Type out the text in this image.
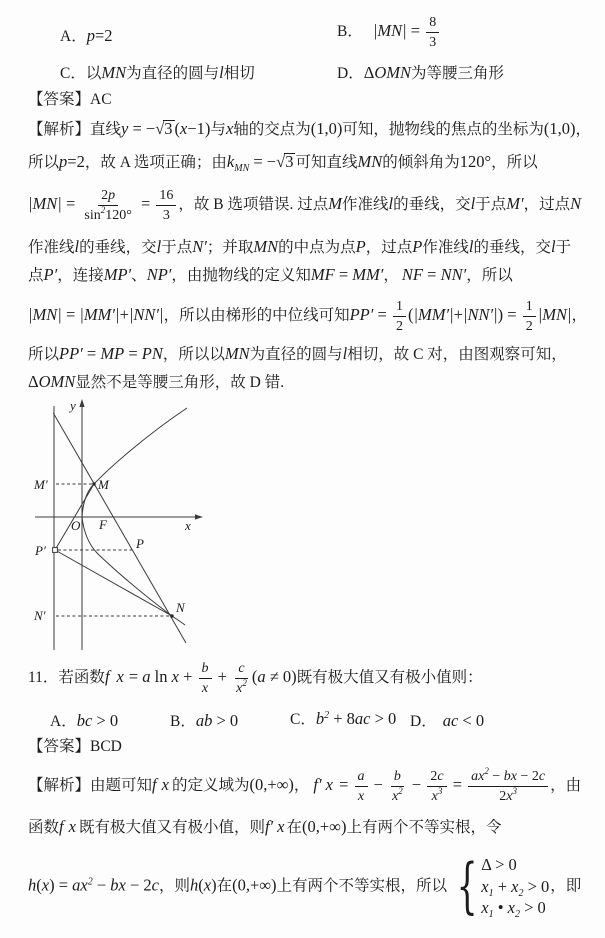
A．p=2	B． $|MN| = \frac{8}{3}$
C．以MN为直径的圆与l相切	D．ΔOMN为等腰三角形
【答案】AC
【解析】直线y = −√3 (x−1)与x轴的交点为(1,0)可知，抛物线的焦点的坐标为(1,0)，
所以p=2，故 A 选项正确；由$k_{MN} = -√3$ 可知直线MN的倾斜角为120°，所以
$|MN| = \frac{2p}{\sin^2120^\circ} = \frac{16}{3}$ ，故 B 选项错误. 过点M作准线l的垂线，交l于点M′，过点N
作准线l的垂线，交l于点N′；并取MN的中点为点P，过点P作准线l的垂线，交l于
点P′，连接MP′、NP′，由抛物线的定义知MF = MM′， NF = NN′，所以
|MN| = |MM′|+|NN′|，所以由梯形的中位线可知$PP' = \frac{1}{2} (|MM'|+|NN'|) = \frac{1}{2} |MN|$，
所以PP′ = MP = PN，所以以MN为直径的圆与l相切，故 C 对，由图观察可知，
ΔOMN显然不是等腰三角形，故 D 错.
11．若函数f x = a $\ln x + \frac{b}{x} + \frac{c}{x^2} (a \ne 0)$既有极大值又有极小值则：
A．bc > 0	B．ab > 0	C．$b^2 + 8ac > 0$ D． ac < 0
【答案】BCD
【解析】由题可知f x 的定义域为(0,+∞)， f′ $x = \frac{a}{x} - \frac{b}{x^2} - \frac{2c}{x^3} = \frac{ax^2 - bx - 2c}{2x^3}$ ，由
函数f x 既有极大值又有极小值，则f′ x 在(0,+∞)上有两个不等实根，令
$h(x) = ax^2$ − bx − 2c，则h(x)在(0,+∞)上有两个不等实根，所以 { Δ > 0
$x_1 + x_2 > 0$
$x_1$ • $x_2 > 0$
，即
y
x
O F
M
M′
P′	P
N′
N
